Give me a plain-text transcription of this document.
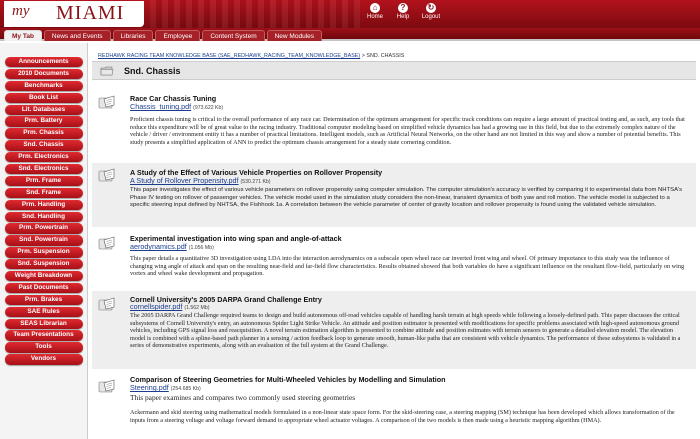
my MIAMI	⌂
Home
?
Help
↻
Logout
My Tab	News and Events	Libraries	Employee	Content System	New Modules
Announcements
2010 Documents
Benchmarks
Book List
Lit. Databases
Prm. Battery
Prm. Chassis
Snd. Chassis
Prm. Electronics
Snd. Electronics
Prm. Frame
Snd. Frame
Prm. Handling
Snd. Handling
Prm. Powertrain
Snd. Powertrain
Prm. Suspension
Snd. Suspension
Weight Breakdown
Past Documents
Prm. Brakes
SAE Rules
SEAS Librarian
Team Presentations
Tools
Vendors
REDHAWK RACING TEAM KNOWLEDGE BASE (SAE_REDHAWK_RACING_TEAM_KNOWLEDGE_BASE) > SND. CHASSIS
Snd. Chassis
Race Car Chassis Tuning
Chassis_tuning.pdf (973.622 Kb)
Proficient chassis tuning is critical to the overall performance of any race car. Determination of the optimum arrangement for specific track conditions can require a large amount of practical testing and, as such, any tools that reduce this expenditure will be of great value to the racing industry. Traditional computer modeling based on simplified vehicle dynamics has had a growing use in this field, but due to the extremely complex nature of the vehicle / driver / environment entity it has a number of practical limitations. Intelligent models, such as Artificial Neural Networks, on the other hand are not limited in this way and show a number of potential benefits. This study presents a simplified application of ANN to predict the optimum chassis arrangement for a steady state cornering condition.
A Study of the Effect of Various Vehicle Properties on Rollover Propensity
A Study of Rollover Propensity.pdf (530.271 Kb)
This paper investigates the effect of various vehicle parameters on rollover propensity using computer simulation. The computer simulation's accuracy is verified by comparing it to experimental data from NHTSA's Phase IV testing on rollover of passenger vehicles. The vehicle model used in the simulation study considers the non-linear, transient dynamics of both yaw and roll motion. The vehicle model is subjected to a specific steering input defined by NHTSA, the Fishhook 1a. A correlation between the vehicle parameter of center of gravity location and rollover propensity is found using the validated vehicle simulation.
Experimental investigation into wing span and angle-of-attack
aerodynamics.pdf (1.056 Mb)
This paper details a quantitative 3D investigation using LDA into the interaction aerodynamics on a subscale open wheel race car inverted front wing and wheel. Of primary importance to this study was the influence of changing wing angle of attack and span on the resulting near-field and far-field flow characteristics. Results obtained showed that both variables do have a significant influence on the resultant flow-field, particularly on wing vortex and wheel wake development and propagation.
Cornell University's 2005 DARPA Grand Challenge Entry
cornellspider.pdf (1.562 Mb)
The 2005 DARPA Grand Challenge required teams to design and build autonomous off-road vehicles capable of handling harsh terrain at high speeds while following a loosely-defined path. This paper discusses the critical subsystems of Cornell University's entry, an autonomous Spider Light Strike Vehicle. An attitude and position estimator is presented with modifications for specific problems associated with high-speed autonomous ground vehicles, including GPS signal loss and reacquisition. A novel terrain estimation algorithm is presented to combine attitude and position estimates with terrain sensors to generate a detailed elevation model. The elevation model is combined with a spline-based path planner in a sensing / action feedback loop to generate smooth, human-like paths that are consistent with vehicle dynamics. The performance of these subsystems is validated in a series of demonstrative experiments, along with an evaluation of the full system at the Grand Challenge.
Comparison of Steering Geometries for Multi-Wheeled Vehicles by Modelling and Simulation
Steering.pdf (254.685 Kb)
This paper examines and compares two commonly used steering geometries
Ackermann and skid steering using mathematical models formulated in a non-linear state space form. For the skid-steering case, a steering mapping (SM) technique has been developed which allows transformation of the inputs from a steering voltage and voltage forward demand to appropriate wheel actuator voltages. A comparison of the two models is then made using a heuristic mapping algorithm (HMA).
